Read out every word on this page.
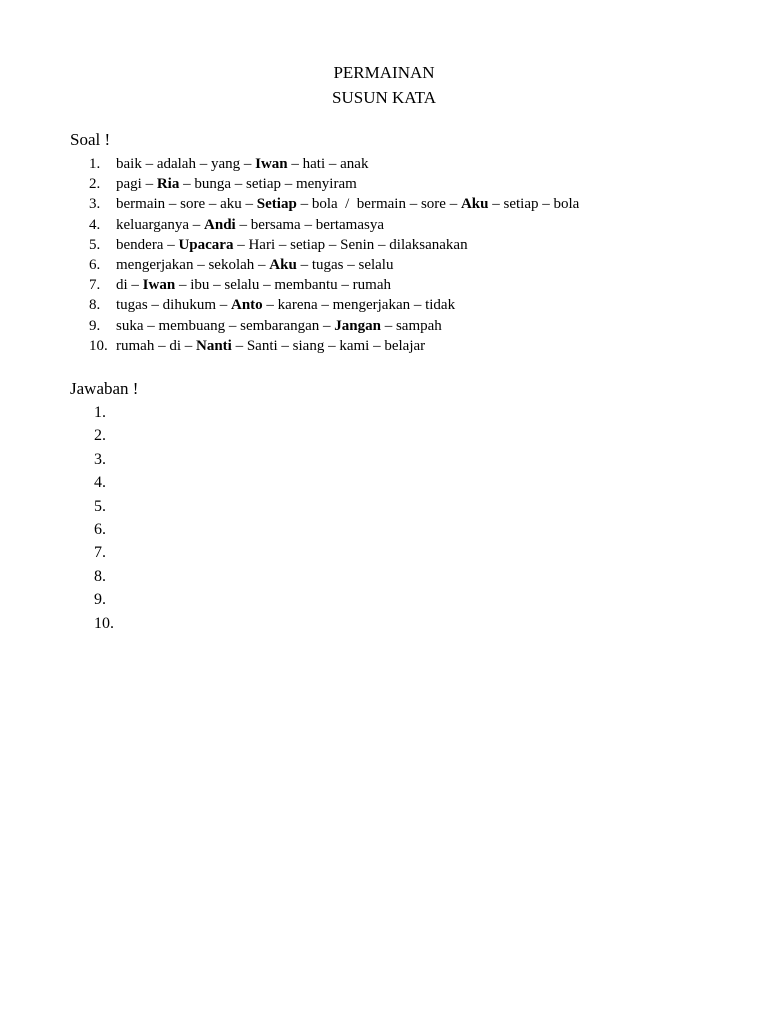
PERMAINAN
SUSUN KATA
Soal !
1. baik – adalah – yang – Iwan – hati – anak
2. pagi – Ria – bunga – setiap – menyiram
3. bermain – sore – aku – Setiap – bola  /  bermain – sore – Aku – setiap – bola
4. keluarganya – Andi – bersama – bertamasya
5. bendera – Upacara – Hari – setiap – Senin – dilaksanakan
6. mengerjakan – sekolah – Aku – tugas – selalu
7. di – Iwan – ibu – selalu – membantu – rumah
8. tugas – dihukum – Anto – karena – mengerjakan – tidak
9. suka – membuang – sembarangan – Jangan – sampah
10. rumah – di – Nanti – Santi – siang – kami – belajar
Jawaban !
1.
2.
3.
4.
5.
6.
7.
8.
9.
10.
